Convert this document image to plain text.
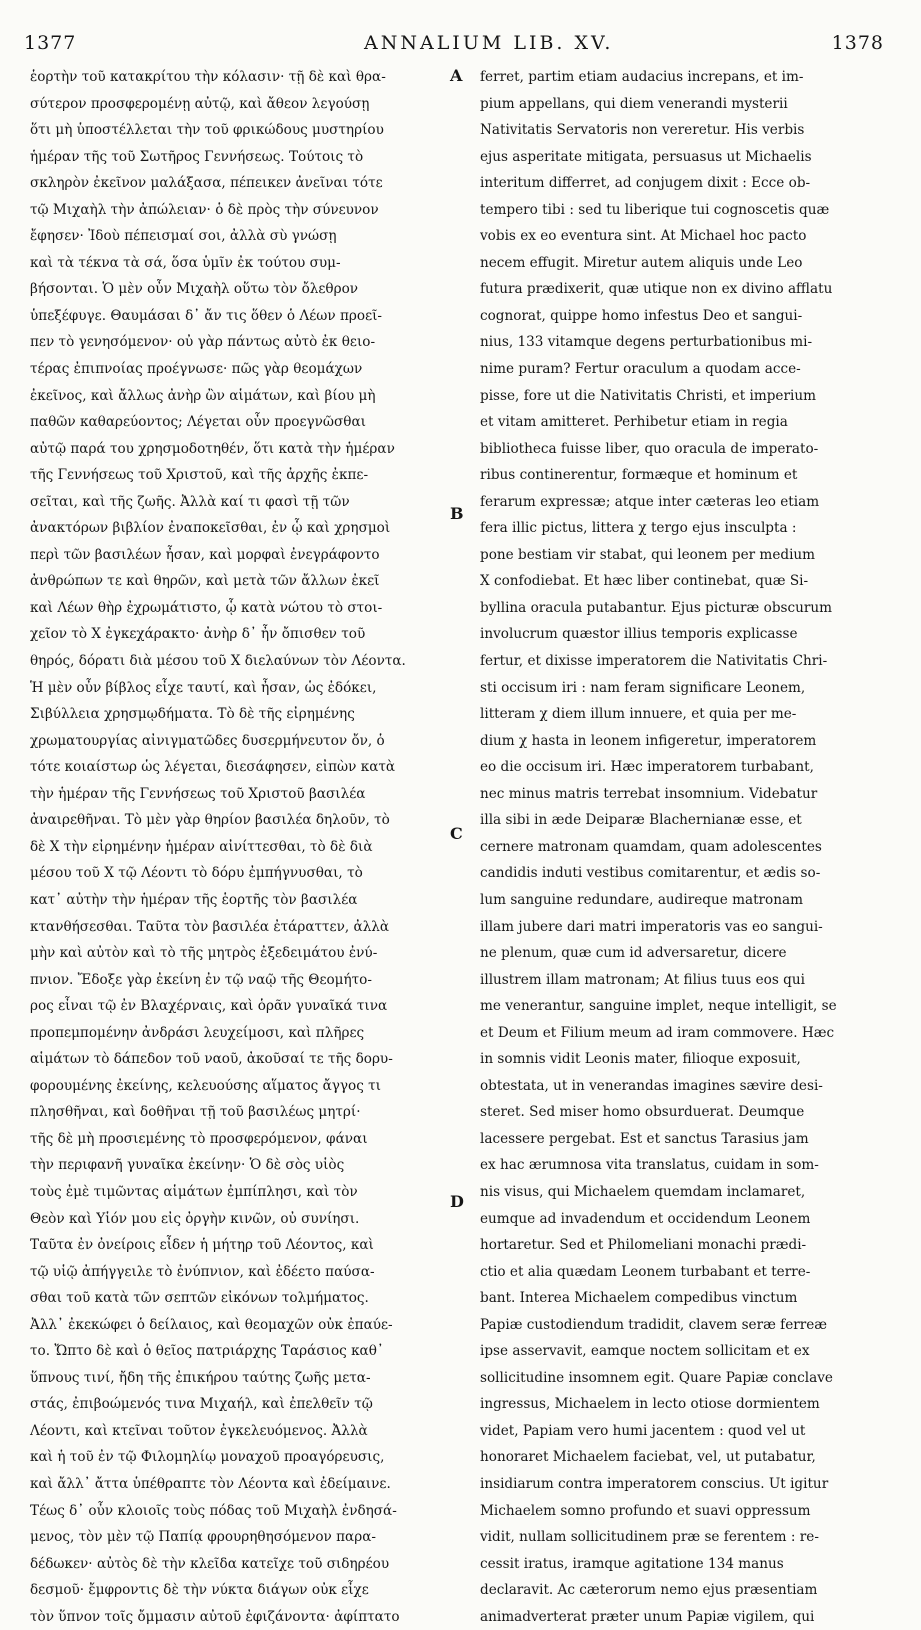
1377	ANNALIUM LIB. XV.	1378
ἑορτὴν τοῦ κατακρίτου τὴν κόλασιν· τῇ δὲ καὶ θρα-
σύτερον προσφερομένῃ αὐτῷ, καὶ ἄθεον λεγούσῃ
ὅτι μὴ ὑποστέλλεται τὴν τοῦ φρικώδους μυστηρίου
ἡμέραν τῆς τοῦ Σωτῆρος Γεννήσεως. Τούτοις τὸ
σκληρὸν ἐκεῖνον μαλάξασα, πέπεικεν ἀνεῖναι τότε
τῷ Μιχαὴλ τὴν ἀπώλειαν· ὁ δὲ πρὸς τὴν σύνευνον
ἔφησεν· Ἰδοὺ πέπεισμαί σοι, ἀλλὰ σὺ γνώσῃ
καὶ τὰ τέκνα τὰ σά, ὅσα ὑμῖν ἐκ τούτου συμ-
βήσονται. Ὁ μὲν οὖν Μιχαὴλ οὕτω τὸν ὄλεθρον
ὑπεξέφυγε. Θαυμάσαι δ᾽ ἄν τις ὅθεν ὁ Λέων προεῖ-
πεν τὸ γενησόμενον· οὐ γὰρ πάντως αὐτὸ ἐκ θειο-
τέρας ἐπιπνοίας προέγνωσε· πῶς γὰρ θεομάχων
ἐκεῖνος, καὶ ἄλλως ἀνὴρ ὢν αἱμάτων, καὶ βίου μὴ
παθῶν καθαρεύοντος; Λέγεται οὖν προεγνῶσθαι
αὐτῷ παρά του χρησμοδοτηθέν, ὅτι κατὰ τὴν ἡμέραν
τῆς Γεννήσεως τοῦ Χριστοῦ, καὶ τῆς ἀρχῆς ἐκπε-
σεῖται, καὶ τῆς ζωῆς. Ἀλλὰ καί τι φασὶ τῇ τῶν
ἀνακτόρων βιβλίον ἐναποκεῖσθαι, ἐν ᾧ καὶ χρησμοὶ
περὶ τῶν βασιλέων ἦσαν, καὶ μορφαὶ ἐνεγράφοντο
ἀνθρώπων τε καὶ θηρῶν, καὶ μετὰ τῶν ἄλλων ἐκεῖ
καὶ Λέων θὴρ ἐχρωμάτιστο, ᾧ κατὰ νώτου τὸ στοι-
χεῖον τὸ Χ ἐγκεχάρακτο· ἀνὴρ δ᾽ ἦν ὄπισθεν τοῦ
θηρός, δόρατι διὰ μέσου τοῦ Χ διελαύνων τὸν Λέοντα.
Ἡ μὲν οὖν βίβλος εἶχε ταυτί, καὶ ἦσαν, ὡς ἐδόκει,
Σιβύλλεια χρησμῳδήματα. Τὸ δὲ τῆς εἰρημένης
χρωματουργίας αἰνιγματῶδες δυσερμήνευτον ὄν, ὁ
τότε κοιαίστωρ ὡς λέγεται, διεσάφησεν, εἰπὼν κατὰ
τὴν ἡμέραν τῆς Γεννήσεως τοῦ Χριστοῦ βασιλέα
ἀναιρεθῆναι. Τὸ μὲν γὰρ θηρίον βασιλέα δηλοῦν, τὸ
δὲ Χ τὴν εἰρημένην ἡμέραν αἰνίττεσθαι, τὸ δὲ διὰ
μέσου τοῦ Χ τῷ Λέοντι τὸ δόρυ ἐμπήγνυσθαι, τὸ
κατ᾽ αὐτὴν τὴν ἡμέραν τῆς ἑορτῆς τὸν βασιλέα
κτανθήσεσθαι. Ταῦτα τὸν βασιλέα ἐτάραττεν, ἀλλὰ
μὴν καὶ αὐτὸν καὶ τὸ τῆς μητρὸς ἐξεδειμάτου ἐνύ-
πνιον. Ἔδοξε γὰρ ἐκείνη ἐν τῷ ναῷ τῆς Θεομήτο-
ρος εἶναι τῷ ἐν Βλαχέρναις, καὶ ὁρᾶν γυναῖκά τινα
προπεμπομένην ἀνδράσι λευχείμοσι, καὶ πλῆρες
αἱμάτων τὸ δάπεδον τοῦ ναοῦ, ἀκοῦσαί τε τῆς δορυ-
φορουμένης ἐκείνης, κελευούσης αἵματος ἄγγος τι
πλησθῆναι, καὶ δοθῆναι τῇ τοῦ βασιλέως μητρί·
τῆς δὲ μὴ προσιεμένης τὸ προσφερόμενον, φάναι
τὴν περιφανῆ γυναῖκα ἐκείνην· Ὁ δὲ σὸς υἱὸς
τοὺς ἐμὲ τιμῶντας αἱμάτων ἐμπίπλησι, καὶ τὸν
Θεὸν καὶ Υἱόν μου εἰς ὀργὴν κινῶν, οὐ συνίησι.
Ταῦτα ἐν ὀνείροις εἶδεν ἡ μήτηρ τοῦ Λέοντος, καὶ
τῷ υἱῷ ἀπήγγειλε τὸ ἐνύπνιον, καὶ ἐδέετο παύσα-
σθαι τοῦ κατὰ τῶν σεπτῶν εἰκόνων τολμήματος.
Ἀλλ᾽ ἐκεκώφει ὁ δείλαιος, καὶ θεομαχῶν οὐκ ἐπαύε-
το. Ὤπτο δὲ καὶ ὁ θεῖος πατριάρχης Ταράσιος καθ᾽
ὕπνους τινί, ἤδη τῆς ἐπικήρου ταύτης ζωῆς μετα-
στάς, ἐπιβοώμενός τινα Μιχαήλ, καὶ ἐπελθεῖν τῷ
Λέοντι, καὶ κτεῖναι τοῦτον ἐγκελευόμενος. Ἀλλὰ
καὶ ἡ τοῦ ἐν τῷ Φιλομηλίῳ μοναχοῦ προαγόρευσις,
καὶ ἄλλ᾽ ἄττα ὑπέθραπτε τὸν Λέοντα καὶ ἐδείμαινε.
Τέως δ᾽ οὖν κλοιοῖς τοὺς πόδας τοῦ Μιχαὴλ ἐνδησά-
μενος, τὸν μὲν τῷ Παπίᾳ φρουρηθησόμενον παρα-
δέδωκεν· αὐτὸς δὲ τὴν κλεῖδα κατεῖχε τοῦ σιδηρέου
δεσμοῦ· ἔμφροντις δὲ τὴν νύκτα διάγων οὐκ εἶχε
τὸν ὕπνον τοῖς ὄμμασιν αὐτοῦ ἐφιζάνοντα· ἀφίπτατο
A
B
C
D
ferret, partim etiam audacius increpans, et im-
pium appellans, qui diem venerandi mysterii
Nativitatis Servatoris non vereretur. His verbis
ejus asperitate mitigata, persuasus ut Michaelis
interitum differret, ad conjugem dixit : Ecce ob-
tempero tibi : sed tu liberique tui cognoscetis quæ
vobis ex eo eventura sint. At Michael hoc pacto
necem effugit. Miretur autem aliquis unde Leo
futura prædixerit, quæ utique non ex divino afflatu
cognorat, quippe homo infestus Deo et sangui-
nius, 133 vitamque degens perturbationibus mi-
nime puram? Fertur oraculum a quodam acce-
pisse, fore ut die Nativitatis Christi, et imperium
et vitam amitteret. Perhibetur etiam in regia
bibliotheca fuisse liber, quo oracula de imperato-
ribus continerentur, formæque et hominum et
ferarum expressæ; atque inter cæteras leo etiam
fera illic pictus, littera χ tergo ejus insculpta :
pone bestiam vir stabat, qui leonem per medium
X confodiebat. Et hæc liber continebat, quæ Si-
byllina oracula putabantur. Ejus picturæ obscurum
involucrum quæstor illius temporis explicasse
fertur, et dixisse imperatorem die Nativitatis Chri-
sti occisum iri : nam feram significare Leonem,
litteram χ diem illum innuere, et quia per me-
dium χ hasta in leonem infigeretur, imperatorem
eo die occisum iri. Hæc imperatorem turbabant,
nec minus matris terrebat insomnium. Videbatur
illa sibi in æde Deiparæ Blachernianæ esse, et
cernere matronam quamdam, quam adolescentes
candidis induti vestibus comitarentur, et ædis so-
lum sanguine redundare, audireque matronam
illam jubere dari matri imperatoris vas eo sangui-
ne plenum, quæ cum id adversaretur, dicere
illustrem illam matronam; At filius tuus eos qui
me venerantur, sanguine implet, neque intelligit, se
et Deum et Filium meum ad iram commovere. Hæc
in somnis vidit Leonis mater, filioque exposuit,
obtestata, ut in venerandas imagines sævire desi-
steret. Sed miser homo obsurduerat. Deumque
lacessere pergebat. Est et sanctus Tarasius jam
ex hac ærumnosa vita translatus, cuidam in som-
nis visus, qui Michaelem quemdam inclamaret,
eumque ad invadendum et occidendum Leonem
hortaretur. Sed et Philomeliani monachi prædi-
ctio et alia quædam Leonem turbabant et terre-
bant. Interea Michaelem compedibus vinctum
Papiæ custodiendum tradidit, clavem seræ ferreæ
ipse asservavit, eamque noctem sollicitam et ex
sollicitudine insomnem egit. Quare Papiæ conclave
ingressus, Michaelem in lecto otiose dormientem
videt, Papiam vero humi jacentem : quod vel ut
honoraret Michaelem faciebat, vel, ut putabatur,
insidiarum contra imperatorem conscius. Ut igitur
Michaelem somno profundo et suavi oppressum
vidit, nullam sollicitudinem præ se ferentem : re-
cessit iratus, iramque agitatione 134 manus
declaravit. Ac cæterorum nemo ejus præsentiam
animadverterat præter unum Papiæ vigilem, qui
